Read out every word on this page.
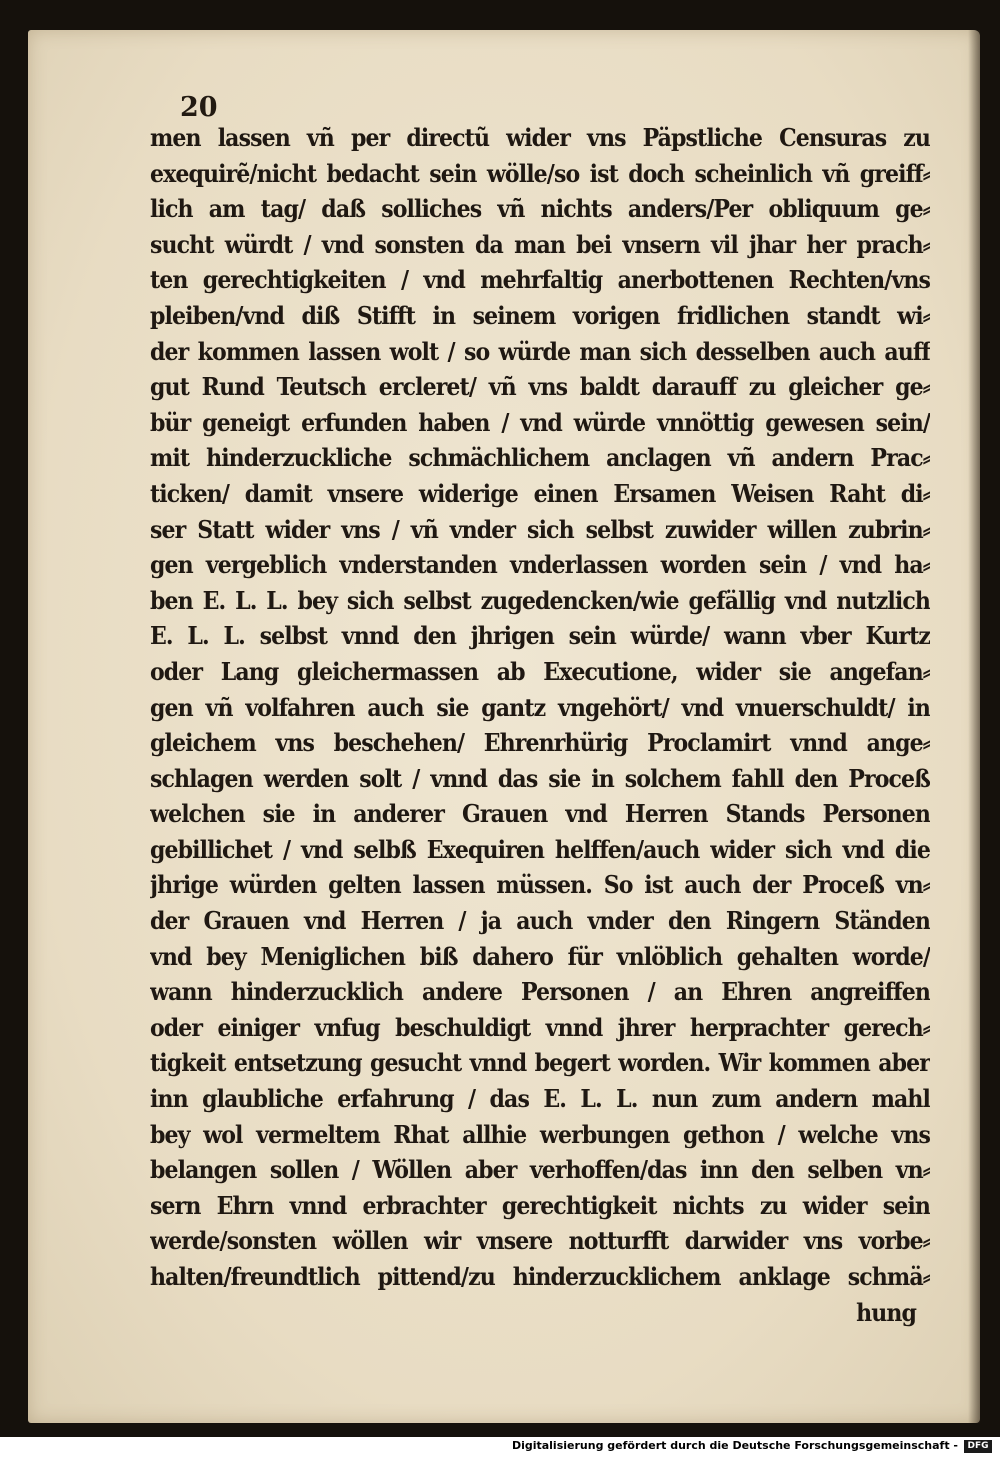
20

men lassen vñ per directũ wider vns Päpstliche Censuras zu
exequirẽ/nicht bedacht sein wölle/so ist doch scheinlich vñ greiff⸗
lich am tag/ daß solliches vñ nichts anders/Per obliquum ge⸗
sucht würdt / vnd sonsten da man bei vnsern vil jhar her prach⸗
ten gerechtigkeiten / vnd mehrfaltig anerbottenen Rechten/vns
pleiben/vnd diß Stifft in seinem vorigen fridlichen standt wi⸗
der kommen lassen wolt / so würde man sich desselben auch auff
gut Rund Teutsch ercleret/ vñ vns baldt darauff zu gleicher ge⸗
bür geneigt erfunden haben / vnd würde vnnöttig gewesen sein/
mit hinderzuckliche schmächlichem anclagen vñ andern Prac⸗
ticken/ damit vnsere widerige einen Ersamen Weisen Raht di⸗
ser Statt wider vns / vñ vnder sich selbst zuwider willen zubrin⸗
gen vergeblich vnderstanden vnderlassen worden sein / vnd ha⸗
ben E. L. L. bey sich selbst zugedencken/wie gefällig vnd nutzlich
E. L. L. selbst vnnd den jhrigen sein würde/ wann vber Kurtz
oder Lang gleichermassen ab Executione, wider sie angefan⸗
gen vñ volfahren auch sie gantz vngehört/ vnd vnuerschuldt/ in
gleichem vns beschehen/ Ehrenrhürig Proclamirt vnnd ange⸗
schlagen werden solt / vnnd das sie in solchem fahll den Proceß
welchen sie in anderer Grauen vnd Herren Stands Personen
gebillichet / vnd selbß Exequiren helffen/auch wider sich vnd die
jhrige würden gelten lassen müssen. So ist auch der Proceß vn⸗
der Grauen vnd Herren / ja auch vnder den Ringern Ständen
vnd bey Meniglichen biß dahero für vnlöblich gehalten worde/
wann hinderzucklich andere Personen / an Ehren angreiffen
oder einiger vnfug beschuldigt vnnd jhrer herprachter gerech⸗
tigkeit entsetzung gesucht vnnd begert worden. Wir kommen aber
inn glaubliche erfahrung / das E. L. L. nun zum andern mahl
bey wol vermeltem Rhat allhie werbungen gethon / welche vns
belangen sollen / Wöllen aber verhoffen/das inn den selben vn⸗
sern Ehrn vnnd erbrachter gerechtigkeit nichts zu wider sein
werde/sonsten wöllen wir vnsere notturfft darwider vns vorbe⸗
halten/freundtlich pittend/zu hinderzucklichem anklage schmä⸗
hung
Digitalisierung gefördert durch die Deutsche Forschungsgemeinschaft -	DFG
